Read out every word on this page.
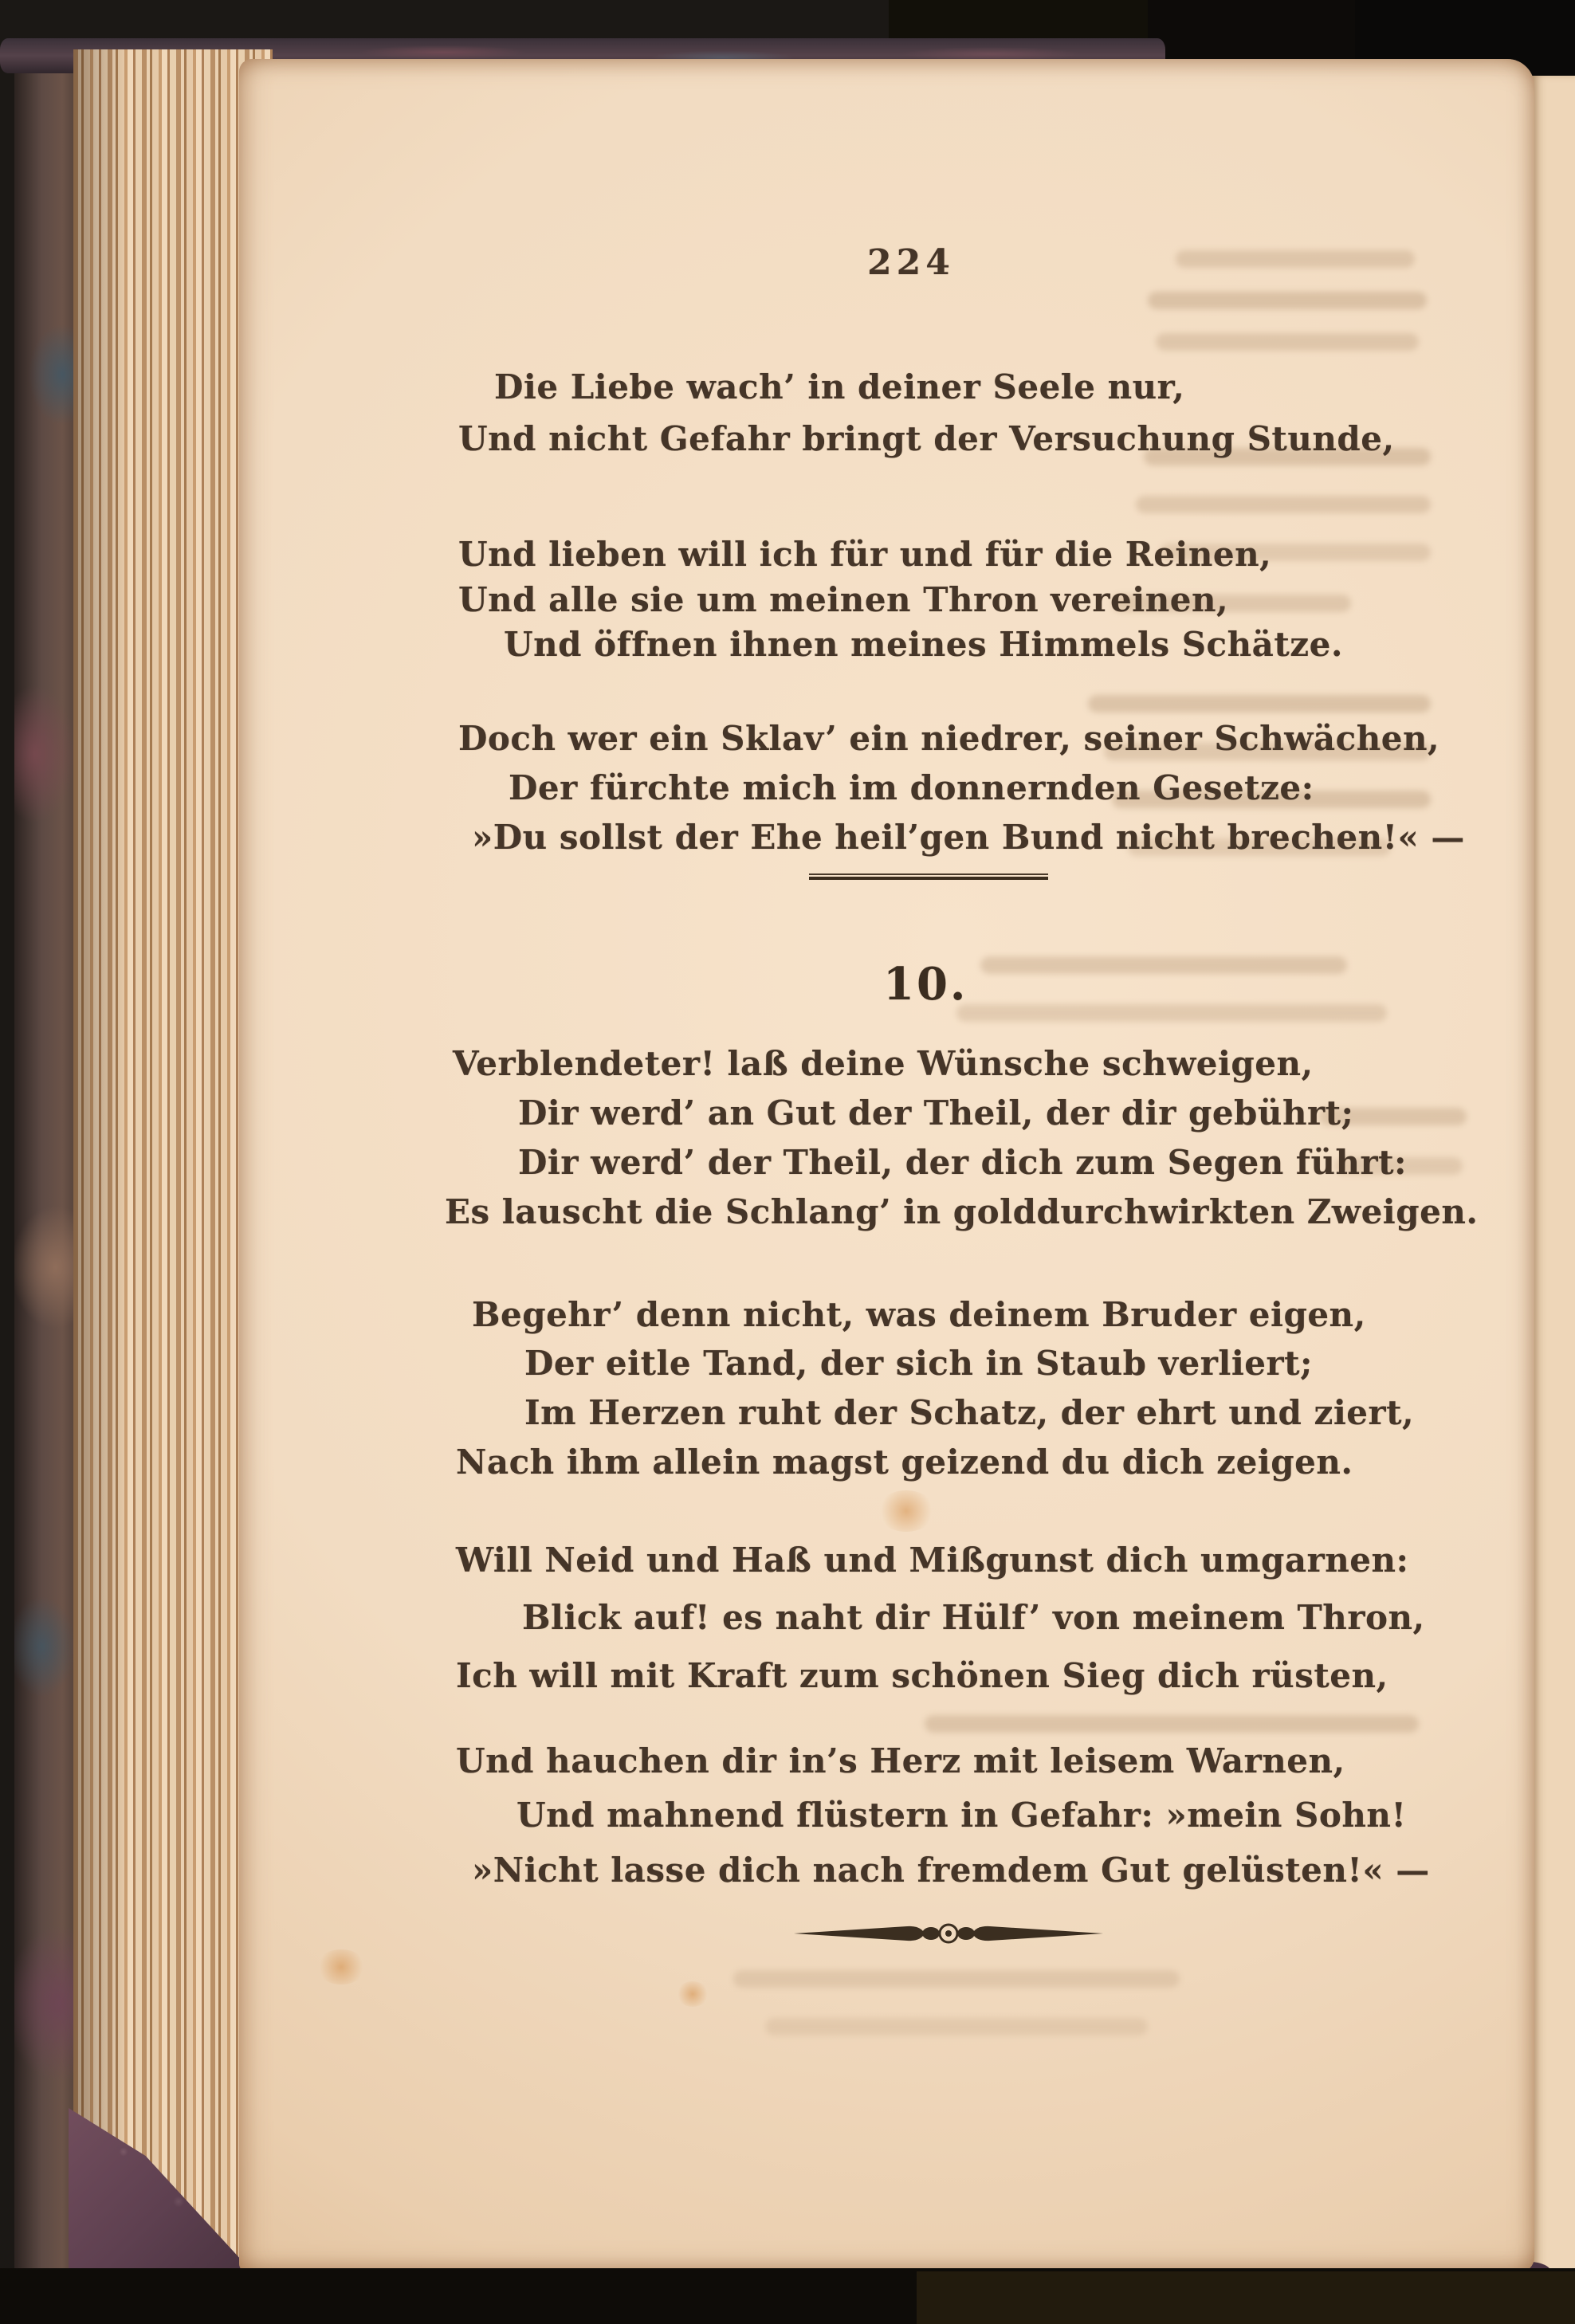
224
Die Liebe wach’ in deiner Seele nur,
Und nicht Gefahr bringt der Versuchung Stunde,
Und lieben will ich für und für die Reinen,
Und alle sie um meinen Thron vereinen,
Und öffnen ihnen meines Himmels Schätze.
Doch wer ein Sklav’ ein niedrer, seiner Schwächen,
Der fürchte mich im donnernden Gesetze:
»Du sollst der Ehe heil’gen Bund nicht brechen!« —
10.
Verblendeter! laß deine Wünsche schweigen,
Dir werd’ an Gut der Theil, der dir gebührt;
Dir werd’ der Theil, der dich zum Segen führt:
Es lauscht die Schlang’ in golddurchwirkten Zweigen.
Begehr’ denn nicht, was deinem Bruder eigen,
Der eitle Tand, der sich in Staub verliert;
Im Herzen ruht der Schatz, der ehrt und ziert,
Nach ihm allein magst geizend du dich zeigen.
Will Neid und Haß und Mißgunst dich umgarnen:
Blick auf! es naht dir Hülf’ von meinem Thron,
Ich will mit Kraft zum schönen Sieg dich rüsten,
Und hauchen dir in’s Herz mit leisem Warnen,
Und mahnend flüstern in Gefahr: »mein Sohn!
»Nicht lasse dich nach fremdem Gut gelüsten!« —
